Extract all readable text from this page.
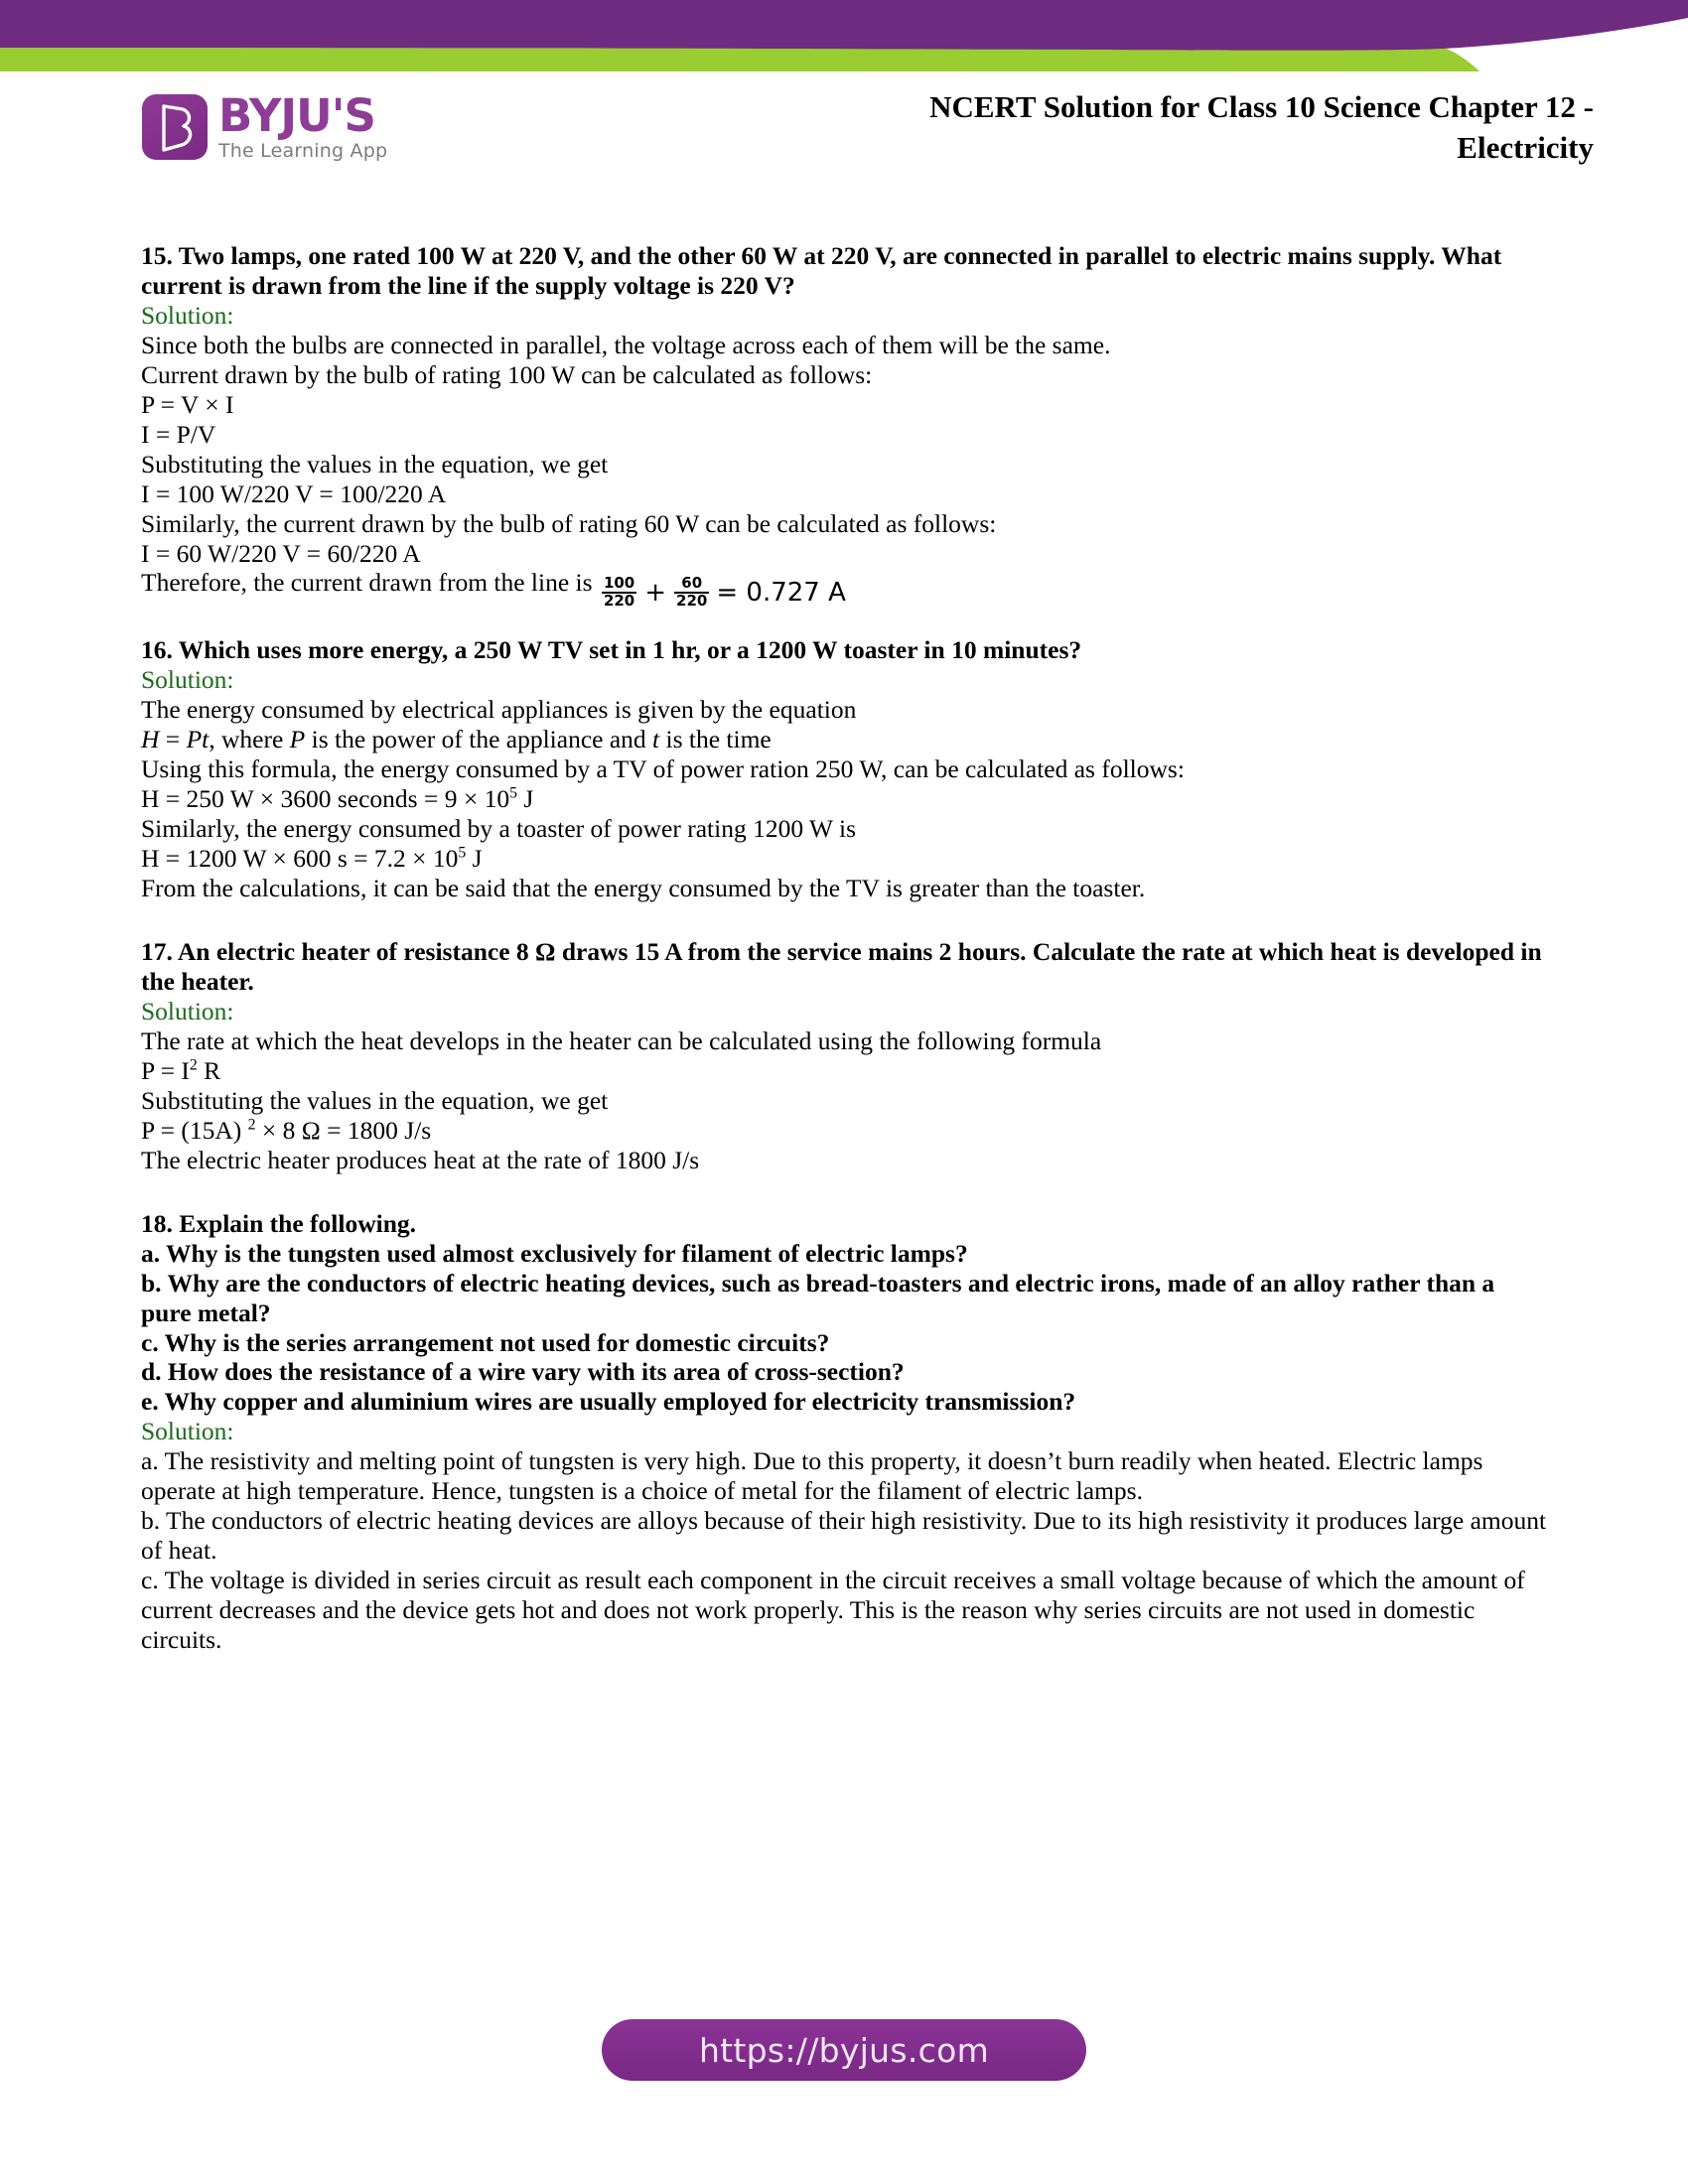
BYJU'S
The Learning App
NCERT Solution for Class 10 Science Chapter 12 -
Electricity

15. Two lamps, one rated 100 W at 220 V, and the other 60 W at 220 V, are connected in parallel to electric mains supply. What current is drawn from the line if the supply voltage is 220 V?

Solution:

Since both the bulbs are connected in parallel, the voltage across each of them will be the same.

Current drawn by the bulb of rating 100 W can be calculated as follows:

P = V × I

I = P/V

Substituting the values in the equation, we get

I = 100 W/220 V = 100/220 A

Similarly, the current drawn by the bulb of rating 60 W can be calculated as follows:

I = 60 W/220 V = 60/220 A

Therefore, the current drawn from the line is $\frac{100}{220} + \frac{60}{220} = 0.727$ A

16. Which uses more energy, a 250 W TV set in 1 hr, or a 1200 W toaster in 10 minutes?

Solution:

The energy consumed by electrical appliances is given by the equation

H = Pt, where P is the power of the appliance and t is the time

Using this formula, the energy consumed by a TV of power ration 250 W, can be calculated as follows:

H = 250 W × 3600 seconds = $9 \times 10^5$ J

Similarly, the energy consumed by a toaster of power rating 1200 W is

H = 1200 W × 600 $s = 7.2 \times 10^5$ J

From the calculations, it can be said that the energy consumed by the TV is greater than the toaster.

17. An electric heater of resistance 8 Ω draws 15 A from the service mains 2 hours. Calculate the rate at which heat is developed in the heater.

Solution:

The rate at which the heat develops in the heater can be calculated using the following formula

$P = I^2$ R

Substituting the values in the equation, we get

P = (15A) $^2$ × 8 Ω = 1800 J/s

The electric heater produces heat at the rate of 1800 J/s

18. Explain the following.

a. Why is the tungsten used almost exclusively for filament of electric lamps?

b. Why are the conductors of electric heating devices, such as bread-toasters and electric irons, made of an alloy rather than a pure metal?

c. Why is the series arrangement not used for domestic circuits?

d. How does the resistance of a wire vary with its area of cross-section?

e. Why copper and aluminium wires are usually employed for electricity transmission?

Solution:

a. The resistivity and melting point of tungsten is very high. Due to this property, it doesn’t burn readily when heated. Electric lamps operate at high temperature. Hence, tungsten is a choice of metal for the filament of electric lamps.

b. The conductors of electric heating devices are alloys because of their high resistivity. Due to its high resistivity it produces large amount of heat.

c. The voltage is divided in series circuit as result each component in the circuit receives a small voltage because of which the amount of current decreases and the device gets hot and does not work properly. This is the reason why series circuits are not used in domestic circuits.

https://byjus.com
